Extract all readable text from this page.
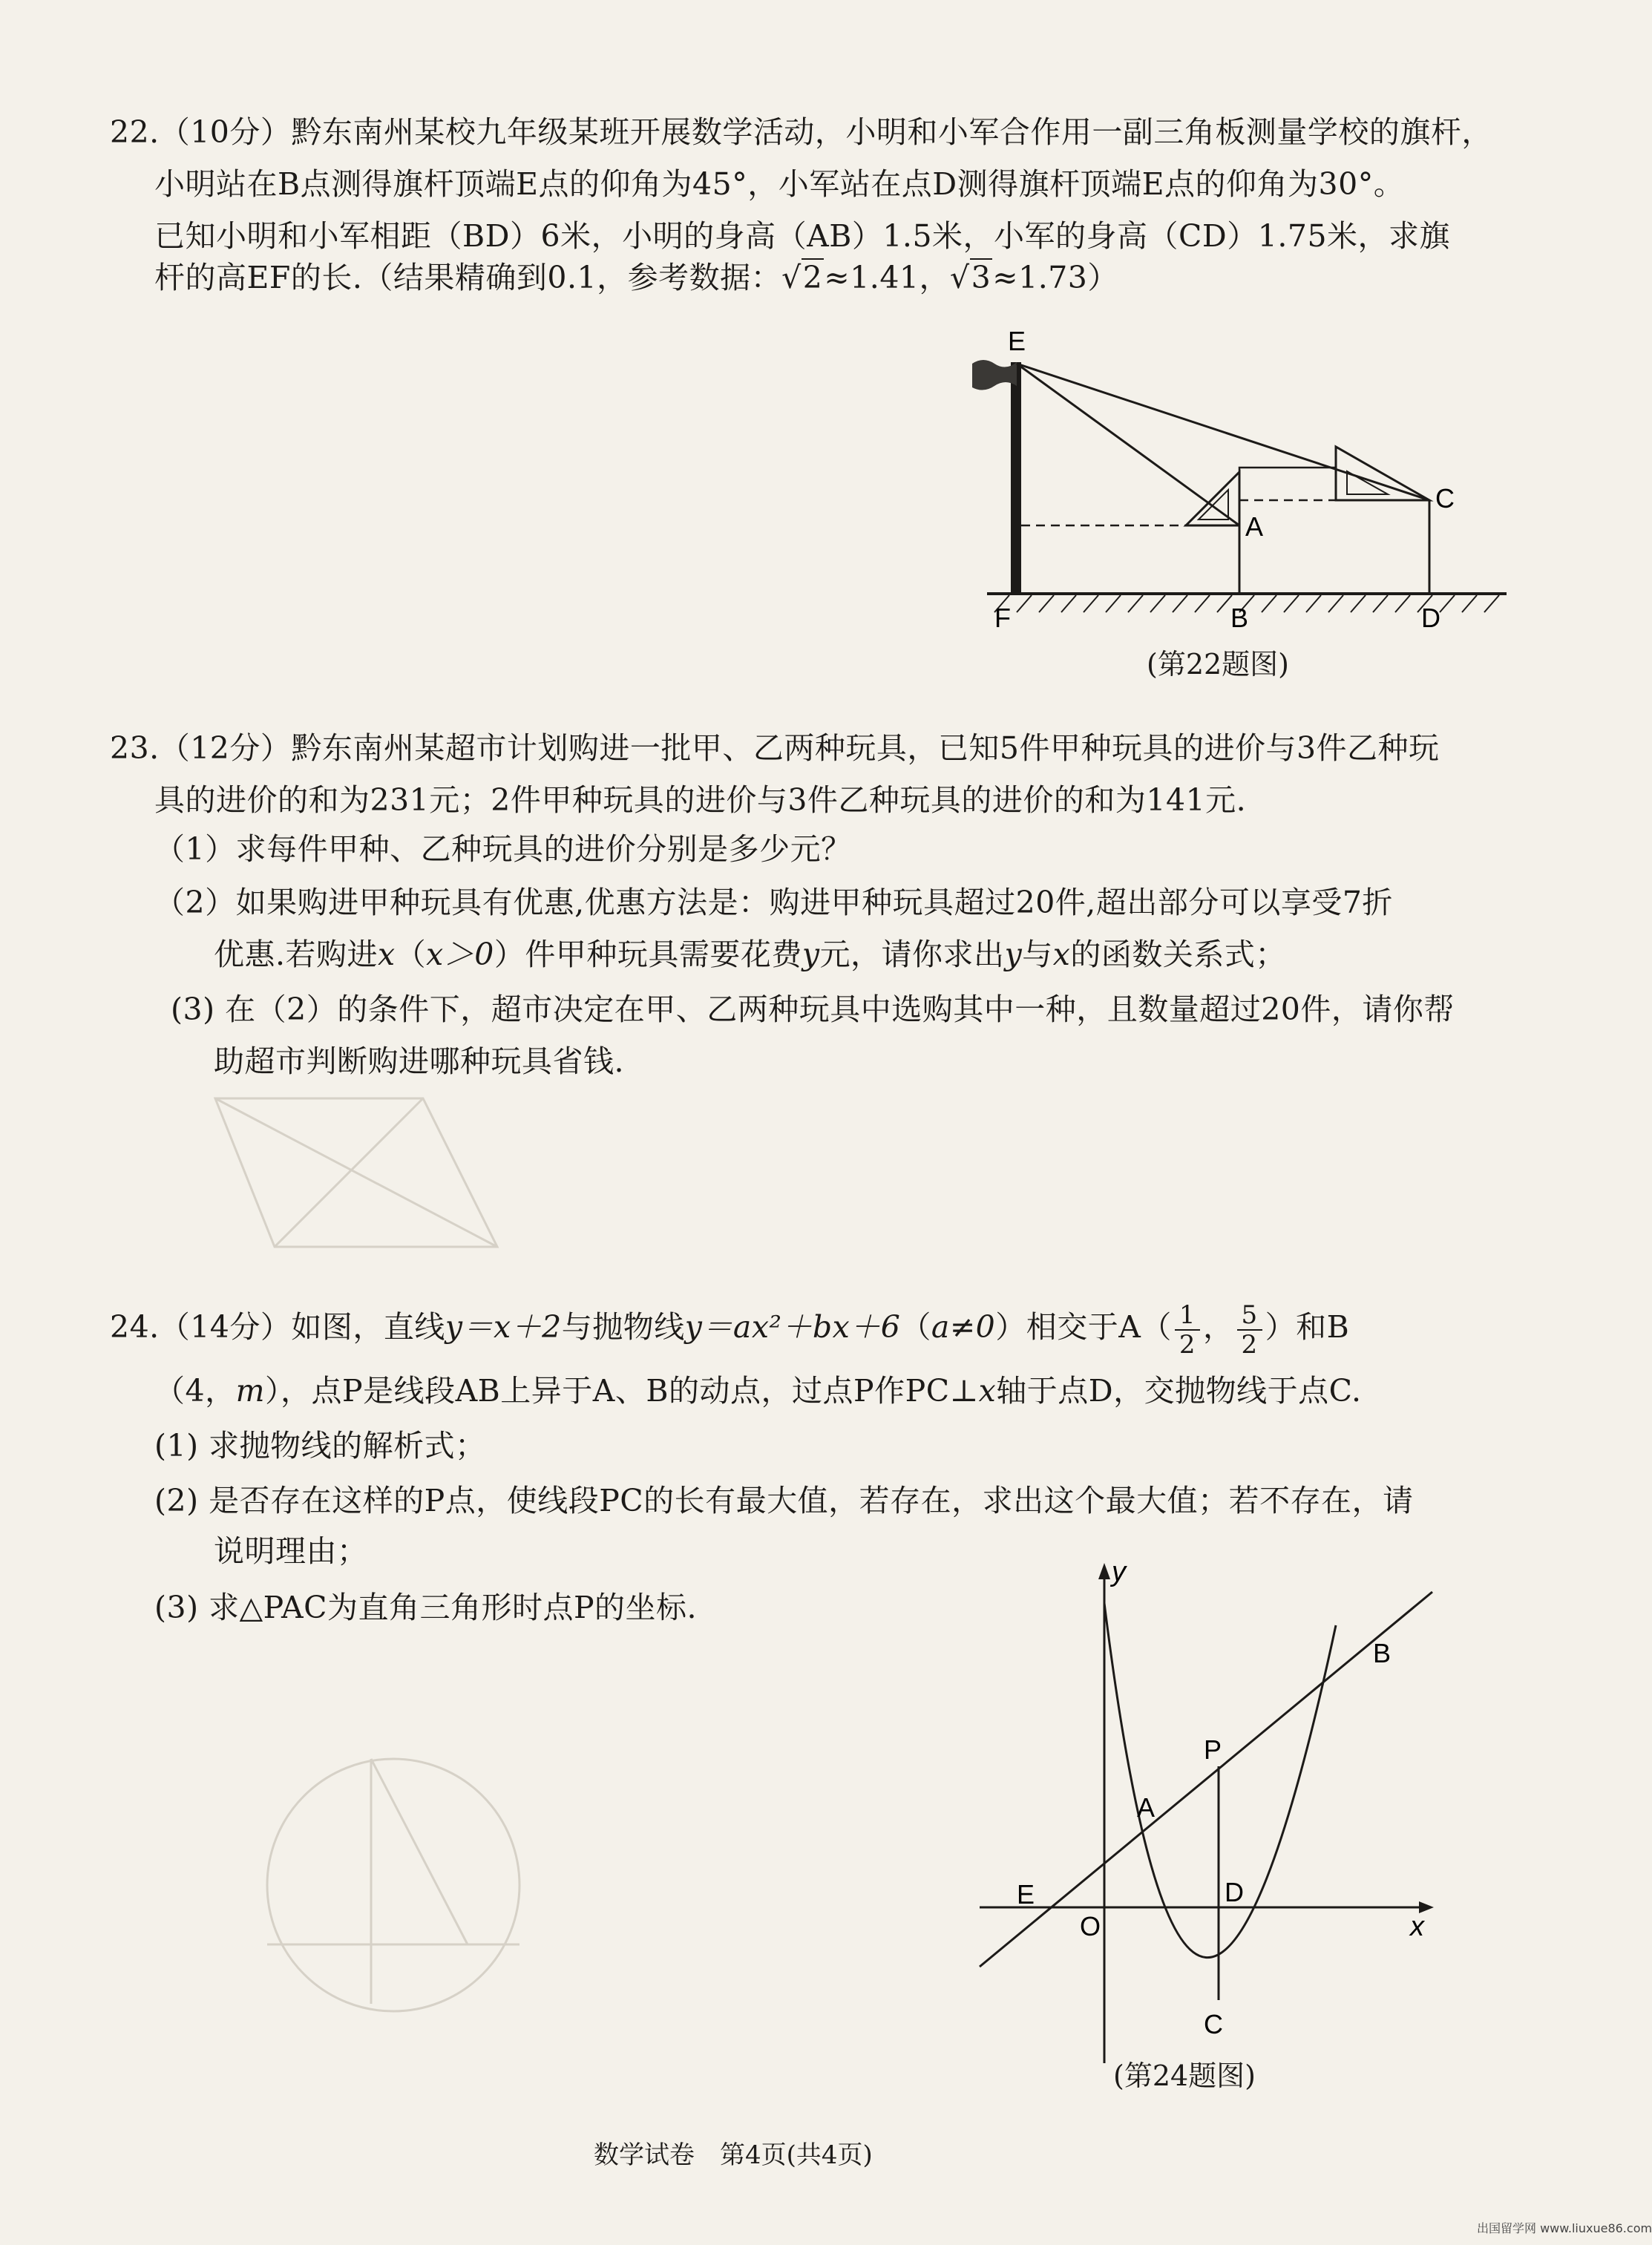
22.（10分）黔东南州某校九年级某班开展数学活动，小明和小军合作用一副三角板测量学校的旗杆，
小明站在B点测得旗杆顶端E点的仰角为45°，小军站在点D测得旗杆顶端E点的仰角为30°。
已知小明和小军相距（BD）6米，小明的身高（AB）1.5米，小军的身高（CD）1.75米，求旗
杆的高EF的长.（结果精确到0.1，参考数据：√2≈1.41，√3≈1.73）
E
A
C
F	B	D
(第22题图)
23.（12分）黔东南州某超市计划购进一批甲、乙两种玩具，已知5件甲种玩具的进价与3件乙种玩
具的进价的和为231元；2件甲种玩具的进价与3件乙种玩具的进价的和为141元.
（1）求每件甲种、乙种玩具的进价分别是多少元？
（2）如果购进甲种玩具有优惠,优惠方法是：购进甲种玩具超过20件,超出部分可以享受7折
优惠.若购进x（x＞0）件甲种玩具需要花费y元，请你求出y与x的函数关系式；
(3) 在（2）的条件下，超市决定在甲、乙两种玩具中选购其中一种，且数量超过20件，请你帮
助超市判断购进哪种玩具省钱.
24.（14分）如图，直线y＝x＋2与抛物线y＝ax²＋bx＋6（a≠0）相交于$A( \frac{1}{2}$ ， $\frac{5}{2}$ ）和B
（4，m），点P是线段AB上异于A、B的动点，过点P作PC⊥x轴于点D，交抛物线于点C.
(1) 求抛物线的解析式；
(2) 是否存在这样的P点，使线段PC的长有最大值，若存在，求出这个最大值；若不存在，请
说明理由；
(3) 求△PAC为直角三角形时点P的坐标.
y
x
B
P
A
E	D
O
C
(第24题图)
数学试卷　第4页(共4页)
出国留学网 www.liuxue86.com
